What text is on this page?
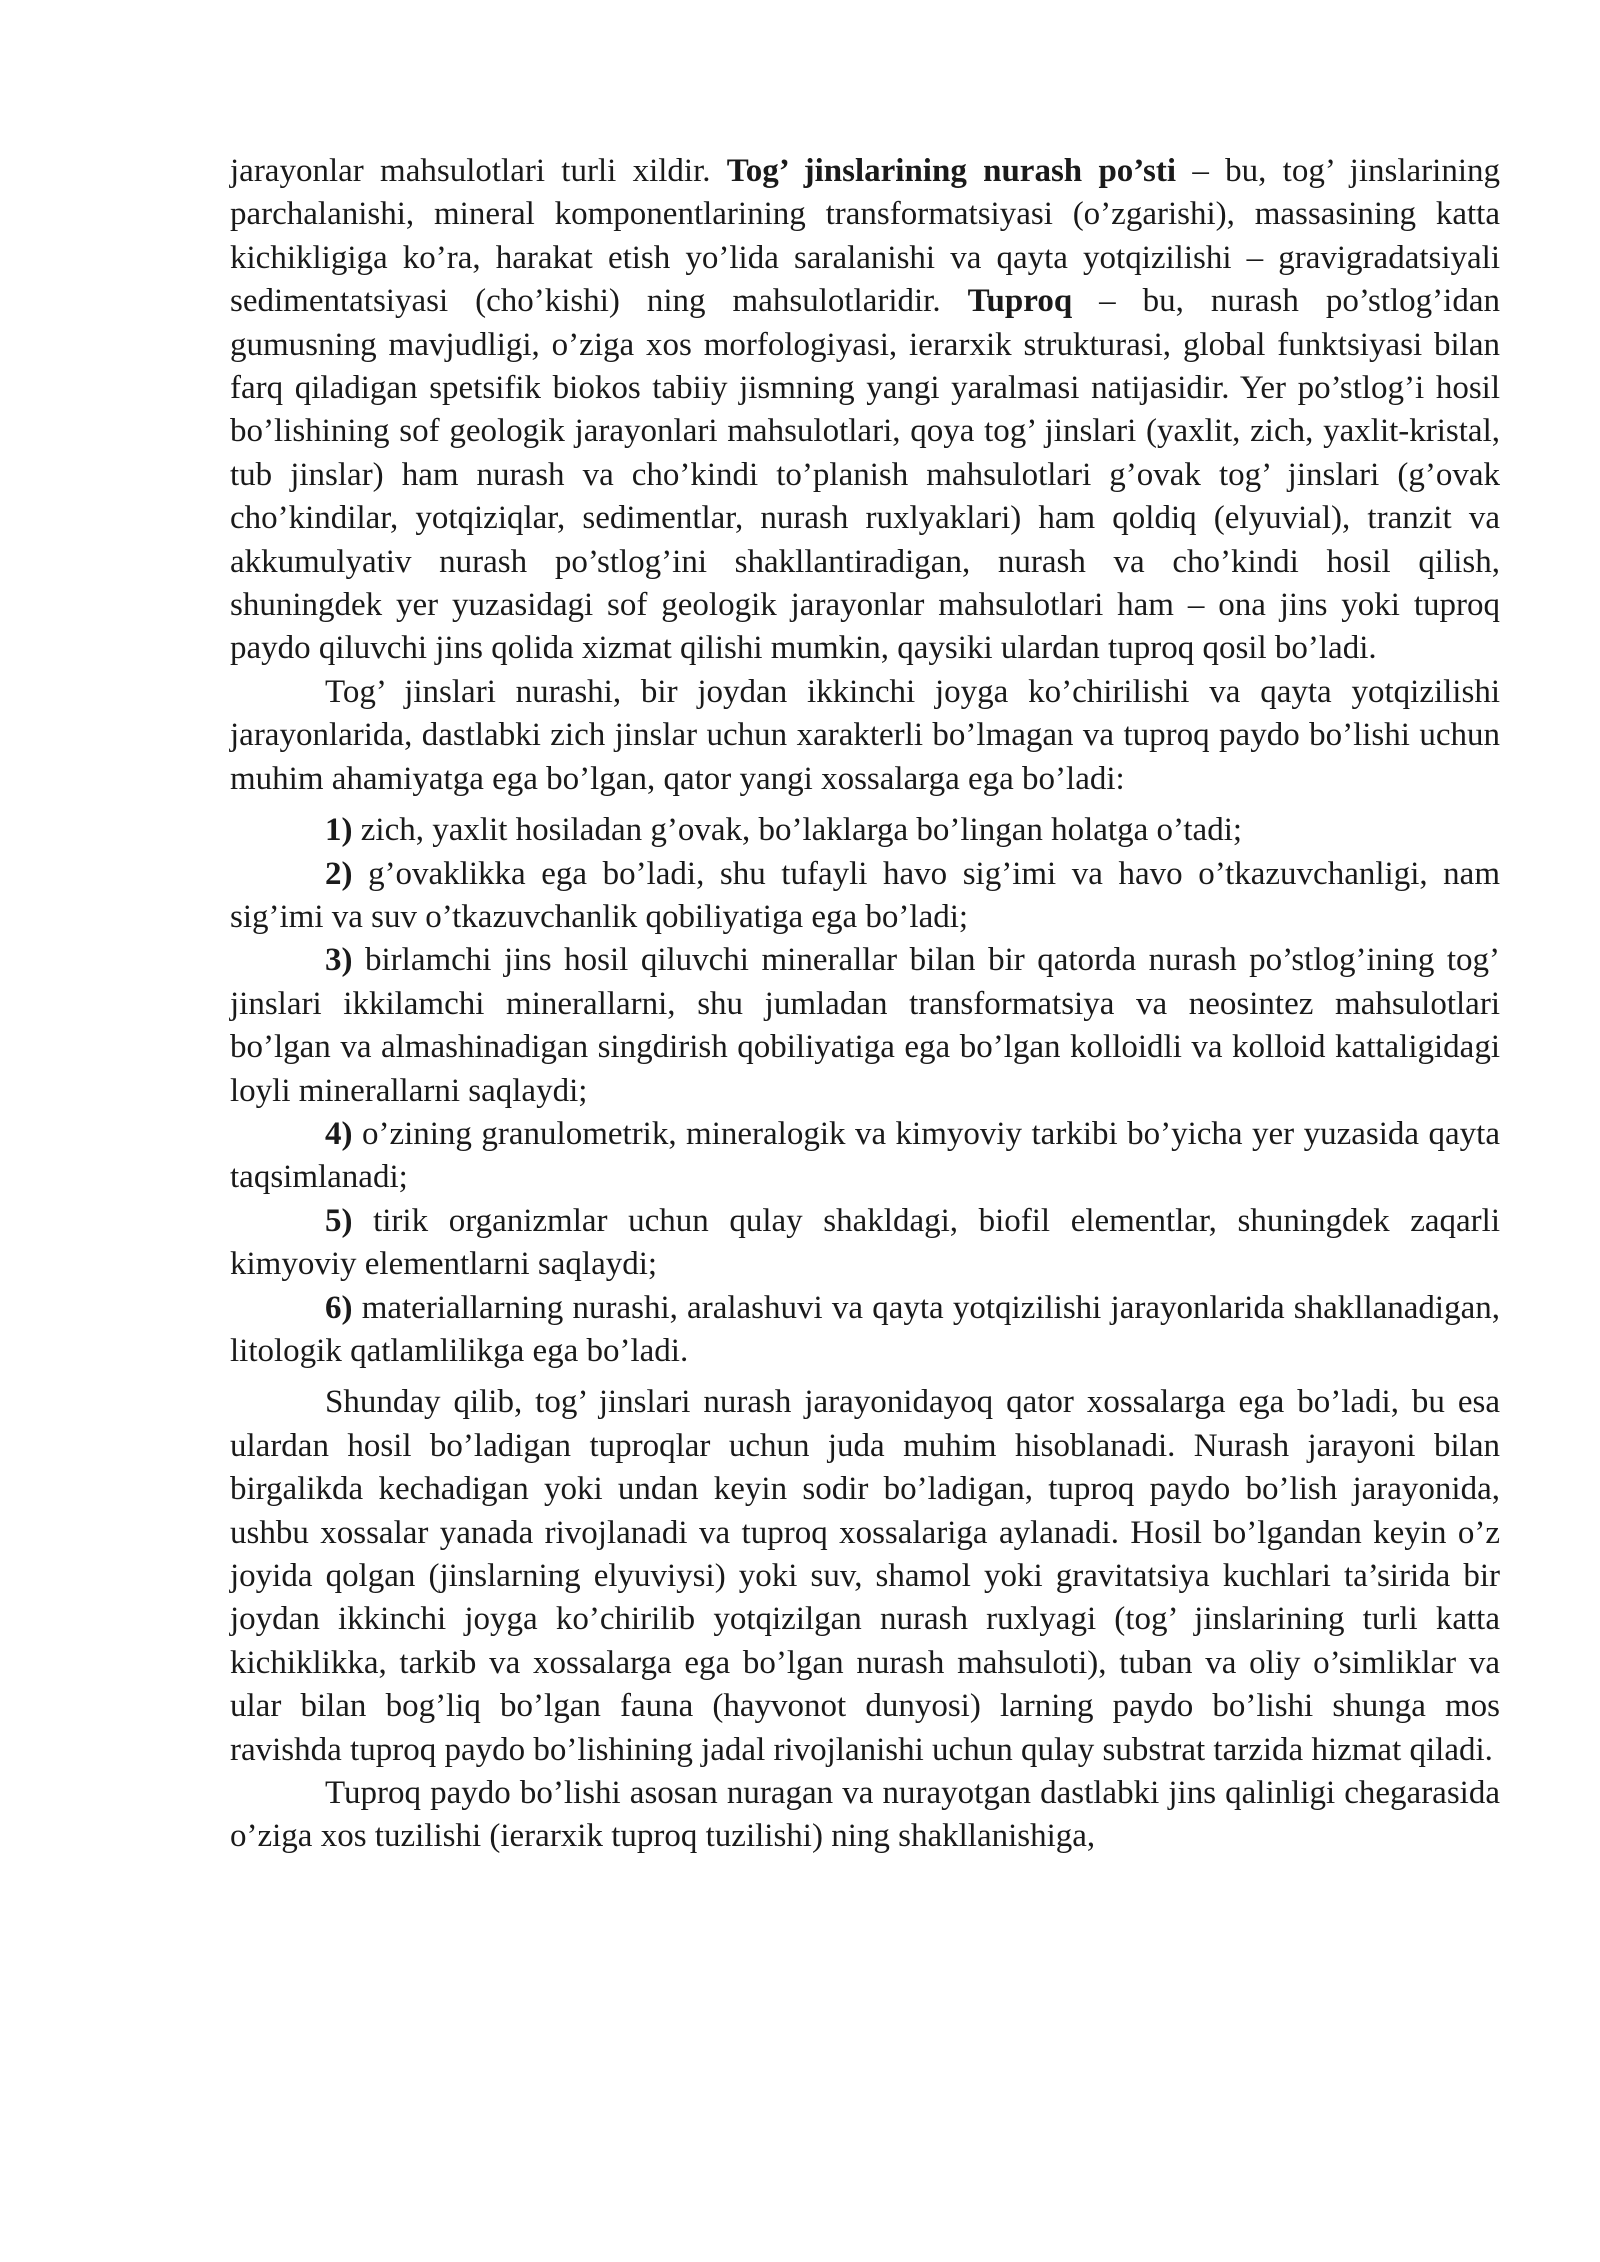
jarayonlar mahsulotlari turli xildir. Tog’ jinslarining nurash po’sti – bu, tog’ jinslarining parchalanishi, mineral komponentlarining transformatsiyasi (o’zgarishi), massasining katta kichikligiga ko’ra, harakat etish yo’lida saralanishi va qayta yotqizilishi – gravigradatsiyali sedimentatsiyasi (cho’kishi) ning mahsulotlaridir. Tuproq – bu, nurash po’stlog’idan gumusning mavjudligi, o’ziga xos morfologiyasi, ierarxik strukturasi, global funktsiyasi bilan farq qiladigan spetsifik biokos tabiiy jismning yangi yaralmasi natijasidir. Yer po’stlog’i hosil bo’lishining sof geologik jarayonlari mahsulotlari, qoya tog’ jinslari (yaxlit, zich, yaxlit-kristal, tub jinslar) ham nurash va cho’kindi to’planish mahsulotlari g’ovak tog’ jinslari (g’ovak cho’kindilar, yotqiziqlar, sedimentlar, nurash ruxlyaklari) ham qoldiq (elyuvial), tranzit va akkumulyativ nurash po’stlog’ini shakllantiradigan, nurash va cho’kindi hosil qilish, shuningdek yer yuzasidagi sof geologik jarayonlar mahsulotlari ham – ona jins yoki tuproq paydo qiluvchi jins qolida xizmat qilishi mumkin, qaysiki ulardan tuproq qosil bo’ladi.

Tog’ jinslari nurashi, bir joydan ikkinchi joyga ko’chirilishi va qayta yotqizilishi jarayonlarida, dastlabki zich jinslar uchun xarakterli bo’lmagan va tuproq paydo bo’lishi uchun muhim ahamiyatga ega bo’lgan, qator yangi xossalarga ega bo’ladi:

1) zich, yaxlit hosiladan g’ovak, bo’laklarga bo’lingan holatga o’tadi;

2) g’ovaklikka ega bo’ladi, shu tufayli havo sig’imi va havo o’tkazuvchanligi, nam sig’imi va suv o’tkazuvchanlik qobiliyatiga ega bo’ladi;

3) birlamchi jins hosil qiluvchi minerallar bilan bir qatorda nurash po’stlog’ining tog’ jinslari ikkilamchi minerallarni, shu jumladan transformatsiya va neosintez mahsulotlari bo’lgan va almashinadigan singdirish qobiliyatiga ega bo’lgan kolloidli va kolloid kattaligidagi loyli minerallarni saqlaydi;

4) o’zining granulometrik, mineralogik va kimyoviy tarkibi bo’yicha yer yuzasida qayta taqsimlanadi;

5) tirik organizmlar uchun qulay shakldagi, biofil elementlar, shuningdek zaqarli kimyoviy elementlarni saqlaydi;

6) materiallarning nurashi, aralashuvi va qayta yotqizilishi jarayonlarida shakllanadigan, litologik qatlamlilikga ega bo’ladi.

Shunday qilib, tog’ jinslari nurash jarayonidayoq qator xossalarga ega bo’ladi, bu esa ulardan hosil bo’ladigan tuproqlar uchun juda muhim hisoblanadi. Nurash jarayoni bilan birgalikda kechadigan yoki undan keyin sodir bo’ladigan, tuproq paydo bo’lish jarayonida, ushbu xossalar yanada rivojlanadi va tuproq xossalariga aylanadi. Hosil bo’lgandan keyin o’z joyida qolgan (jinslarning elyuviysi) yoki suv, shamol yoki gravitatsiya kuchlari ta’sirida bir joydan ikkinchi joyga ko’chirilib yotqizilgan nurash ruxlyagi (tog’ jinslarining turli katta kichiklikka, tarkib va xossalarga ega bo’lgan nurash mahsuloti), tuban va oliy o’simliklar va ular bilan bog’liq bo’lgan fauna (hayvonot dunyosi) larning paydo bo’lishi shunga mos ravishda tuproq paydo bo’lishining jadal rivojlanishi uchun qulay substrat tarzida hizmat qiladi.

Tuproq paydo bo’lishi asosan nuragan va nurayotgan dastlabki jins qalinligi chegarasida o’ziga xos tuzilishi (ierarxik tuproq tuzilishi) ning shakllanishiga,
